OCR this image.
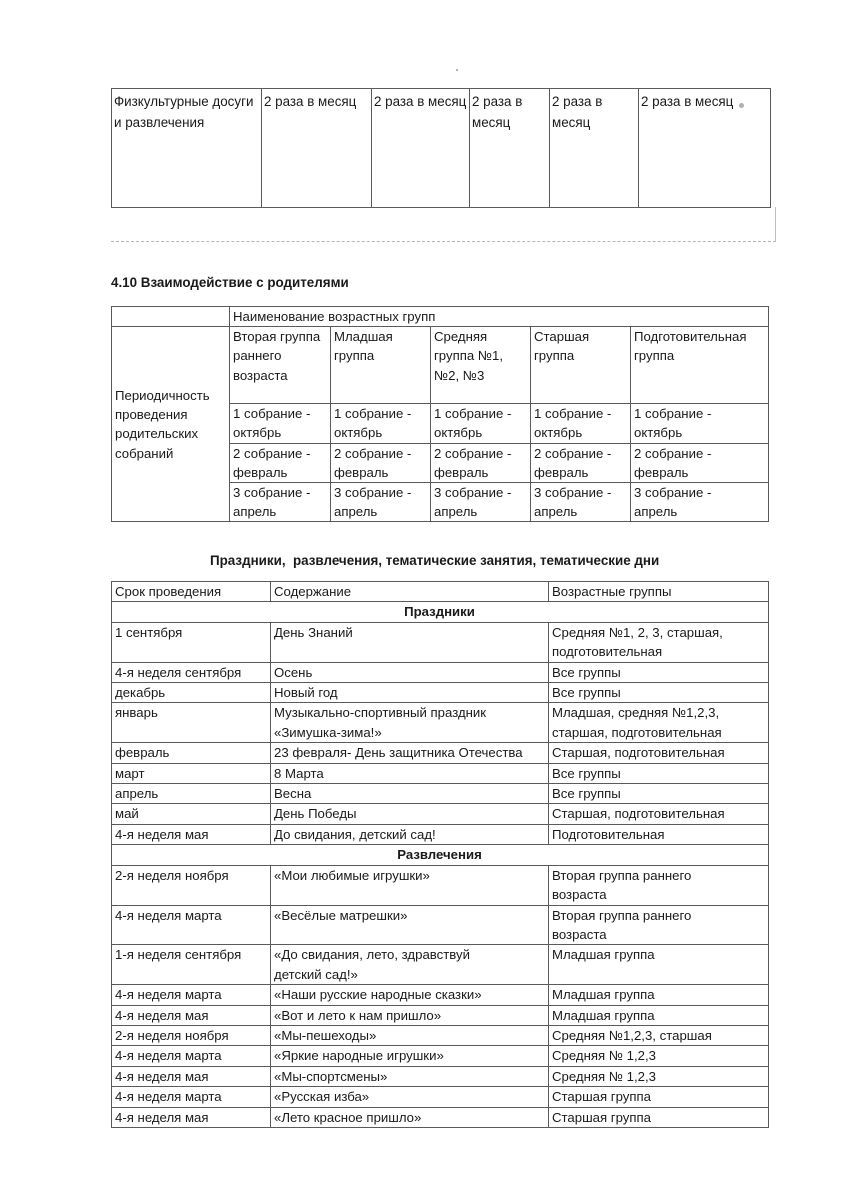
Физкультурные досуги и развлечения	2 раза в месяц	2 раза в месяц	2 раза в месяц	2 раза в месяц	2 раза в месяц
4.10 Взаимодействие с родителями
	Наименование возрастных групп				
Периодичность проведения родительских собраний	Вторая группа раннего возраста	Младшая группа	Средняя группа №1, №2, №3	Старшая группа	Подготовительная группа
	1 собрание - октябрь	1 собрание - октябрь	1 собрание - октябрь	1 собрание - октябрь	1 собрание - октябрь
	2 собрание - февраль	2 собрание - февраль	2 собрание - февраль	2 собрание - февраль	2 собрание - февраль
	3 собрание - апрель	3 собрание - апрель	3 собрание - апрель	3 собрание - апрель	3 собрание - апрель
Праздники,  развлечения, тематические занятия, тематические дни
Срок проведения	Содержание	Возрастные группы
Праздники		
1 сентября	День Знаний	Средняя №1, 2, 3, старшая, подготовительная
4-я неделя сентября	Осень	Все группы
декабрь	Новый год	Все группы
январь	Музыкально-спортивный праздник «Зимушка-зима!»	Младшая, средняя №1,2,3, старшая, подготовительная
февраль	23 февраля- День защитника Отечества	Старшая, подготовительная
март	8 Марта	Все группы
апрель	Весна	Все группы
май	День Победы	Старшая, подготовительная
4-я неделя мая	До свидания, детский сад!	Подготовительная
Развлечения		
2-я неделя ноября	«Мои любимые игрушки»	Вторая группа раннего возраста
4-я неделя марта	«Весёлые матрешки»	Вторая группа раннего возраста
1-я неделя сентября	«До свидания, лето, здравствуй детский сад!»	Младшая группа
4-я неделя марта	«Наши русские народные сказки»	Младшая группа
4-я неделя мая	«Вот и лето к нам пришло»	Младшая группа
2-я неделя ноября	«Мы-пешеходы»	Средняя №1,2,3, старшая
4-я неделя марта	«Яркие народные игрушки»	Средняя № 1,2,3
4-я неделя мая	«Мы-спортсмены»	Средняя № 1,2,3
4-я неделя марта	«Русская изба»	Старшая группа
4-я неделя мая	«Лето красное пришло»	Старшая группа
